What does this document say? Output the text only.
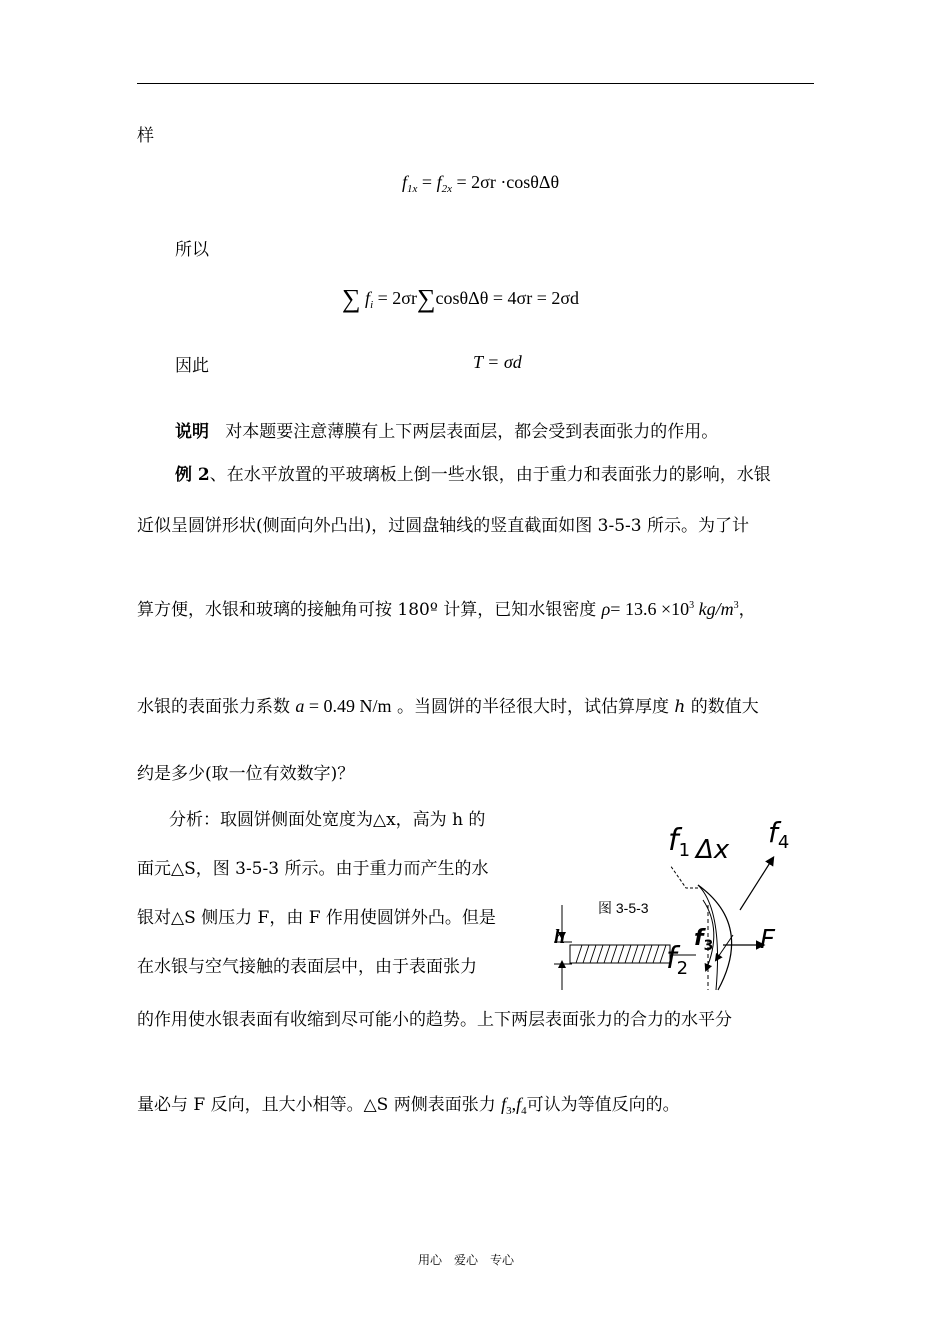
样
$f_{1x} = f_{2x} = 2\sigma r \cdot\cos\theta\Delta\theta$
所以
∑ $f_i = 2\sigma r\sum\cos\theta\Delta\theta = 4\sigma r = 2\sigma d$
因此	T = σd
说明 对本题要注意薄膜有上下两层表面层，都会受到表面张力的作用。
例 2、在水平放置的平玻璃板上倒一些水银，由于重力和表面张力的影响，水银
近似呈圆饼形状(侧面向外凸出)，过圆盘轴线的竖直截面如图 3-5-3 所示。为了计
算方便，水银和玻璃的接触角可按 180º 计算，已知水银密度 $\rho= 13.6 \times 10^3$ $kg/m^3$，
水银的表面张力系数 a = 0.49 N/m 。当圆饼的半径很大时，试估算厚度 h 的数值大
约是多少(取一位有效数字)？
分析：取圆饼侧面处宽度为△x，高为 h 的
面元△S，图 3-5-3 所示。由于重力而产生的水
银对△S 侧压力 F，由 F 作用使圆饼外凸。但是
在水银与空气接触的表面层中，由于表面张力
的作用使水银表面有收缩到尽可能小的趋势。上下两层表面张力的合力的水平分
量必与 F 反向，且大小相等。△S 两侧表面张力 $f_3,f_4$可认为等值反向的。
h
$f_1$ Δx
$f_4$
$f_3$ F
$f_2$
图 3-5-3
用心　爱心　专心
